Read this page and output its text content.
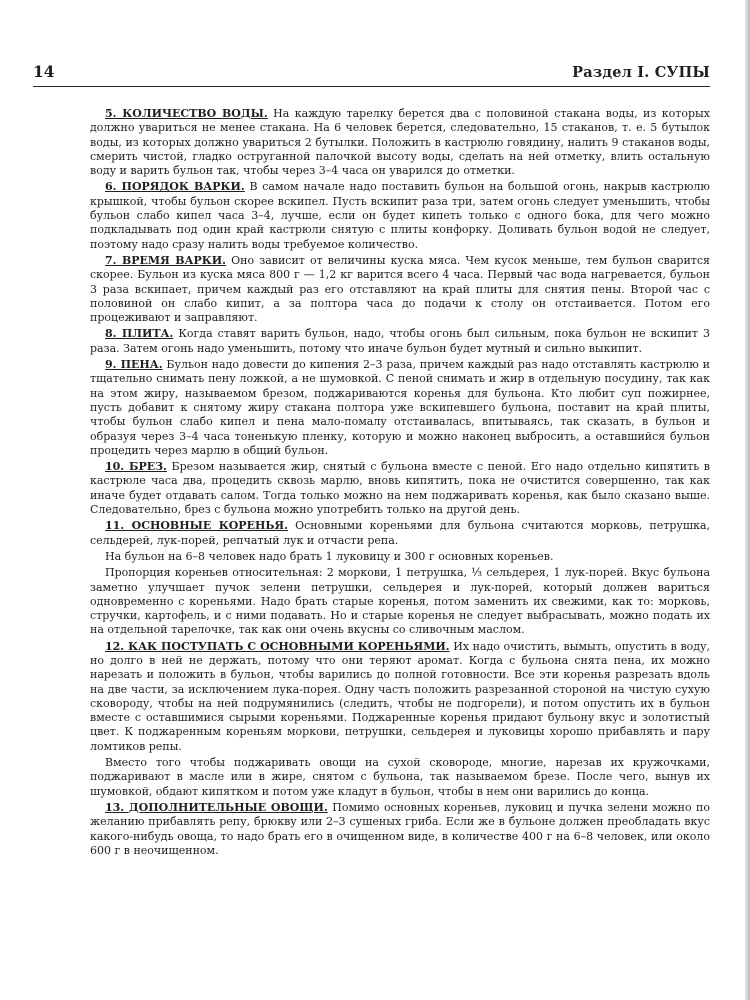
14	Раздел I. СУПЫ

5. КОЛИЧЕСТВО ВОДЫ. На каждую тарелку берется два с половиной стакана воды, из которых должно увариться не менее стакана. На 6 человек берется, следовательно, 15 стаканов, т. е. 5 бутылок воды, из которых должно увариться 2 бутылки. Положить в кастрюлю говядину, налить 9 стаканов воды, смерить чистой, гладко оструганной палочкой высоту воды, сделать на ней отметку, влить остальную воду и варить бульон так, чтобы через 3–4 часа он уварился до отметки.

6. ПОРЯДОК ВАРКИ. В самом начале надо поставить бульон на большой огонь, накрыв кастрюлю крышкой, чтобы бульон скорее вскипел. Пусть вскипит раза три, затем огонь следует уменьшить, чтобы бульон слабо кипел часа 3–4, лучше, если он будет кипеть только с одного бока, для чего можно подкладывать под один край кастрюли снятую с плиты конфорку. Доливать бульон водой не следует, поэтому надо сразу налить воды требуемое количество.

7. ВРЕМЯ ВАРКИ. Оно зависит от величины куска мяса. Чем кусок меньше, тем бульон сварится скорее. Бульон из куска мяса 800 г — 1,2 кг варится всего 4 часа. Первый час вода нагревается, бульон 3 раза вскипает, причем каждый раз его отставляют на край плиты для снятия пены. Второй час с половиной он слабо кипит, а за полтора часа до подачи к столу он отстаивается. Потом его процеживают и заправляют.

8. ПЛИТА. Когда ставят варить бульон, надо, чтобы огонь был сильным, пока бульон не вскипит 3 раза. Затем огонь надо уменьшить, потому что иначе бульон будет мутный и сильно выкипит.

9. ПЕНА. Бульон надо довести до кипения 2–3 раза, причем каждый раз надо отставлять кастрюлю и тщательно снимать пену ложкой, а не шумовкой. С пеной снимать и жир в отдельную посудину, так как на этом жиру, называемом брезом, поджариваются коренья для бульона. Кто любит суп пожирнее, пусть добавит к снятому жиру стакана полтора уже вскипевшего бульона, поставит на край плиты, чтобы бульон слабо кипел и пена мало-помалу отстаивалась, впитываясь, так сказать, в бульон и образуя через 3–4 часа тоненькую пленку, которую и можно наконец выбросить, а оставшийся бульон процедить через марлю в общий бульон.

10. БРЕЗ. Брезом называется жир, снятый с бульона вместе с пеной. Его надо отдельно кипятить в кастрюле часа два, процедить сквозь марлю, вновь кипятить, пока не очистится совершенно, так как иначе будет отдавать салом. Тогда только можно на нем поджаривать коренья, как было сказано выше. Следовательно, брез с бульона можно употребить только на другой день.

11. ОСНОВНЫЕ КОРЕНЬЯ. Основными кореньями для бульона считаются морковь, петрушка, сельдерей, лук-порей, репчатый лук и отчасти репа.

На бульон на 6–8 человек надо брать 1 луковицу и 300 г основных кореньев.

Пропорция кореньев относительная: 2 моркови, 1 петрушка, ⅓ сельдерея, 1 лук-порей. Вкус бульона заметно улучшает пучок зелени петрушки, сельдерея и лук-порей, который должен вариться одновременно с кореньями. Надо брать старые коренья, потом заменить их свежими, как то: морковь, стручки, картофель, и с ними подавать. Но и старые коренья не следует выбрасывать, можно подать их на отдельной тарелочке, так как они очень вкусны со сливочным маслом.

12. КАК ПОСТУПАТЬ С ОСНОВНЫМИ КОРЕНЬЯМИ. Их надо очистить, вымыть, опустить в воду, но долго в ней не держать, потому что они теряют аромат. Когда с бульона снята пена, их можно нарезать и положить в бульон, чтобы варились до полной готовности. Все эти коренья разрезать вдоль на две части, за исключением лука-порея. Одну часть положить разрезанной стороной на чистую сухую сковороду, чтобы на ней подрумянились (следить, чтобы не подгорели), и потом опустить их в бульон вместе с оставшимися сырыми кореньями. Поджаренные коренья придают бульону вкус и золотистый цвет. К поджаренным кореньям моркови, петрушки, сельдерея и луковицы хорошо прибавлять и пару ломтиков репы.

Вместо того чтобы поджаривать овощи на сухой сковороде, многие, нарезав их кружочками, поджаривают в масле или в жире, снятом с бульона, так называемом брезе. После чего, вынув их шумовкой, обдают кипятком и потом уже кладут в бульон, чтобы в нем они варились до конца.

13. ДОПОЛНИТЕЛЬНЫЕ ОВОЩИ. Помимо основных кореньев, луковиц и пучка зелени можно по желанию прибавлять репу, брюкву или 2–3 сушеных гриба. Если же в бульоне должен преобладать вкус какого-нибудь овоща, то надо брать его в очищенном виде, в количестве 400 г на 6–8 человек, или около 600 г в неочищенном.
